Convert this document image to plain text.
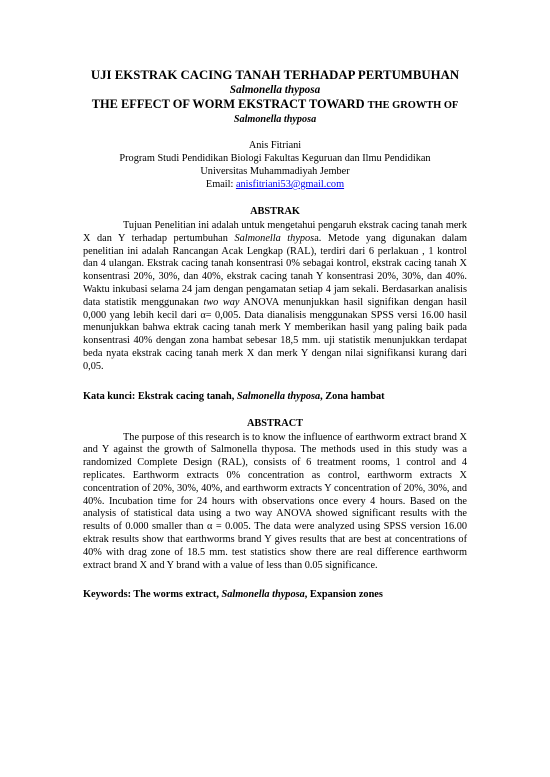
UJI EKSTRAK CACING TANAH TERHADAP PERTUMBUHAN

Salmonella thyposa

THE EFFECT OF WORM EKSTRACT TOWARD THE GROWTH OF

Salmonella thyposa

Anis Fitriani
Program Studi Pendidikan Biologi Fakultas Keguruan dan Ilmu Pendidikan
Universitas Muhammadiyah Jember
Email: anisfitriani53@gmail.com
ABSTRAK

Tujuan Penelitian ini adalah untuk mengetahui pengaruh ekstrak cacing tanah merk X dan Y terhadap pertumbuhan Salmonella thyposa. Metode yang digunakan dalam penelitian ini adalah Rancangan Acak Lengkap (RAL), terdiri dari 6 perlakuan , 1 kontrol dan 4 ulangan. Ekstrak cacing tanah konsentrasi 0% sebagai kontrol, ekstrak cacing tanah X konsentrasi 20%, 30%, dan 40%, ekstrak cacing tanah Y konsentrasi 20%, 30%, dan 40%. Waktu inkubasi selama 24 jam dengan pengamatan setiap 4 jam sekali. Berdasarkan analisis data statistik menggunakan two way ANOVA menunjukkan hasil signifikan dengan hasil 0,000 yang lebih kecil dari α= 0,005. Data dianalisis menggunakan SPSS versi 16.00 hasil menunjukkan bahwa ektrak cacing tanah merk Y memberikan hasil yang paling baik pada konsentrasi 40% dengan zona hambat sebesar 18,5 mm. uji statistik menunjukkan terdapat beda nyata ekstrak cacing tanah merk X dan merk Y dengan nilai signifikansi kurang dari 0,05.

Kata kunci: Ekstrak cacing tanah, Salmonella thyposa, Zona hambat

ABSTRACT

The purpose of this research is to know the influence of earthworm extract brand X and Y against the growth of Salmonella thyposa. The methods used in this study was a randomized Complete Design (RAL), consists of 6 treatment rooms, 1 control and 4 replicates. Earthworm extracts 0% concentration as control, earthworm extracts X concentration of 20%, 30%, 40%, and earthworm extracts Y concentration of 20%, 30%, and 40%. Incubation time for 24 hours with observations once every 4 hours. Based on the analysis of statistical data using a two way ANOVA showed significant results with the results of 0.000 smaller than α = 0.005. The data were analyzed using SPSS version 16.00 ektrak results show that earthworms brand Y gives results that are best at concentrations of 40% with drag zone of 18.5 mm. test statistics show there are real difference earthworm extract brand X and Y brand with a value of less than 0.05 significance.

Keywords: The worms extract, Salmonella thyposa, Expansion zones
